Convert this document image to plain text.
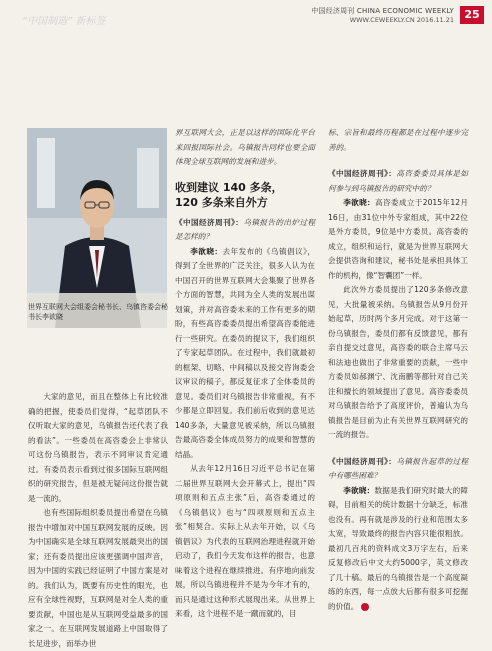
中国经济周刊 CHINA ECONOMIC WEEKLY
WWW.CEWEEKLY.CN 2016.11.21 25
“中国制造” 新标签
世界互联网大会组委会秘书长、乌镇咨委会秘书长李欲晓

大家的意见，而且在整体上有比较准确的把握，使委员们觉得，“起草团队不仅听取大家的意见，乌镇报告还代表了我的看法”。一些委员在高咨委会上非常认可这份乌镇报告，表示不同审议肯定通过。有委员表示看到过很多国际互联网组织的研究报告，但是被无疑问这份报告就是一流的。

也有些国际组织委员提出希望在乌镇报告中增加对中国互联网发展的反映。因为中国确实是全球互联网发展最突出的国家；还有委员提出应该更强调中国声音，因为中国的实践已经证明了中国方案是对的。我们认为，既要有历史性的眼光，也应有全球性视野，互联网是对全人类的重要贡献，中国也是从互联网受益最多的国家之一。在互联网发展道路上中国取得了长足进步，而举办世

界互联网大会，正是以这样的国际化平台来回报国际社会。乌镇报告同样也要全面体现全球互联网的发展和进步。

收到建议 140 多条，
120 多条来自外方

《中国经济周刊》：乌镇报告的出炉过程是怎样的？

李欲晓：去年发布的《乌镇倡议》，得到了全世界的广泛关注，很多人认为在中国召开的世界互联网大会集聚了世界各个方面的智慧，共同为全人类的发展出谋划策，并对高咨委未来的工作有更多的期盼，有些高咨委委员提出希望高咨委能进行一些研究。在委员的提议下，我们组织了专家起草团队。在过程中，我们就最初的框架、切略、中间稿以及接交咨询委会议审议的稿子，都反复征求了全体委员的意见。委员们对乌镇报告非常重视，有不少都是立即回复。我们前后收到的意见达140多条，大量意见被采纳，所以乌镇报告最高咨委全体成员努力的成果和智慧的结晶。

从去年12月16日习近平总书记在第二届世界互联网大会开幕式上，提出“四项原则和五点主张”后，高咨委通过的《乌镇倡议》也与“四项原则和五点主张”相契合。实际上从去年开始，以《乌镇倡议》为代表的互联网治理进程就开始启动了，我们今天发布这样的报告，也意味着这个进程在继续推进。有序地向前发展，所以乌镇进程并不是为今年才有的，而只是通过这种形式展现出来。从世界上来看，这个进程不是一蹴而就的，目

标、宗旨和最终历程都是在过程中逐步完善的。

《中国经济周刊》：高咨委委员具体是如何参与到乌镇报告的研究中的？

李欲晓：高咨委成立于2015年12月16日，由31位中外专家组成，其中22位是外方委员，9位是中方委员。高咨委的成立，组织和运行，就是为世界互联网大会提供咨询和建议，秘书处是承担具体工作的机构，像“智囊团”一样。

此次外方委员提出了120多条修改意见，大批量被采纳。乌镇报告从9月份开始起草，历时两个多月完成。对于这第一份乌镇报告，委员们都有反馈意见，都有亲自提交过意见，高咨委的联合主席马云和法迪也做出了非常重要的贡献，一些中方委员如郝渊宁、沈南鹏等都针对自己关注和擅长的领域提出了意见。高咨委委员对乌镇报告给予了高度评价，普遍认为乌镇报告是目前为止有关世界互联网研究的一流的报告。

《中国经济周刊》：乌镇报告起草的过程中有哪些困难？

李欲晓：数据是我们研究时最大的障碍，目前相关的统计数据十分缺乏，标准也没有。再有就是涉及的行业和范围太多太宽，导致最终的报告内容只能很粗放。最初几百兆的资料成文3万字左右，后来反复修改后中文大约5000字，英文修改了几十稿。最后的乌镇报告是一个高度凝练的东西，每一点放大后都有很多可挖掘的价值。
